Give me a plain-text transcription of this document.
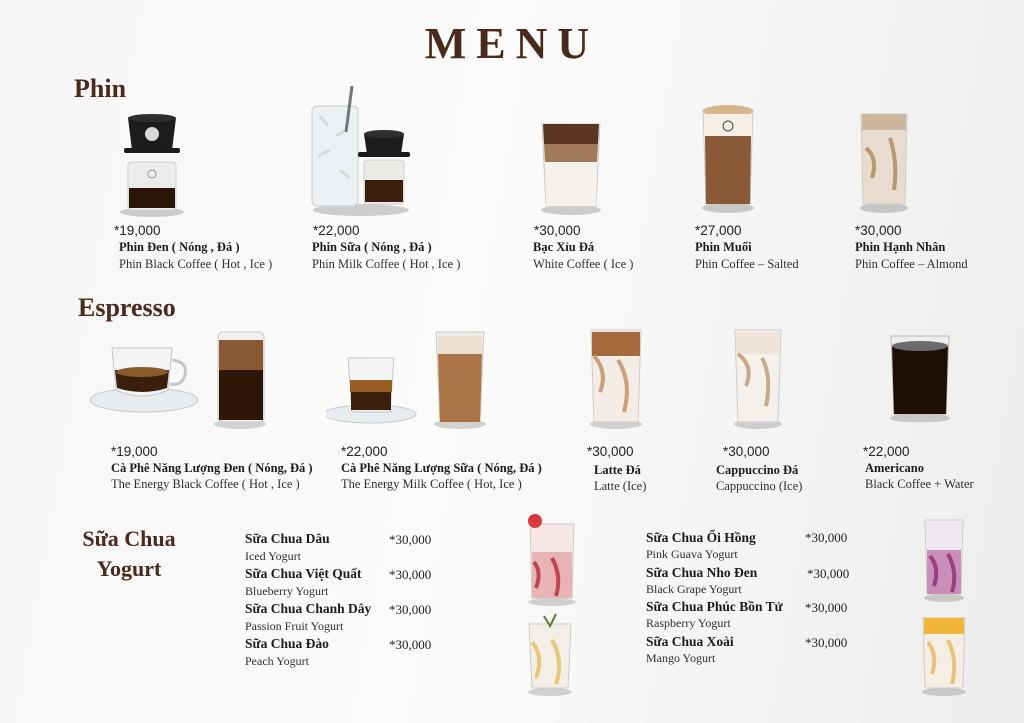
MENU
Phin
*19,000
Phin Đen ( Nóng , Đá )
Phin Black Coffee ( Hot , Ice )
*22,000
Phin Sữa ( Nóng , Đá )
Phin Milk Coffee ( Hot , Ice )
*30,000
Bạc Xỉu Đá
White Coffee ( Ice )
*27,000
Phin Muối
Phin Coffee – Salted
*30,000
Phin Hạnh Nhân
Phin Coffee – Almond
Espresso
*19,000
Cà Phê Năng Lượng Đen ( Nóng, Đá )
The Energy Black Coffee ( Hot , Ice )
*22,000
Cà Phê Năng Lượng Sữa ( Nóng, Đá )
The Energy Milk Coffee ( Hot, Ice )
*30,000
Latte Đá
Latte (Ice)
*30,000
Cappuccino Đá
Cappuccino (Ice)
*22,000
Americano
Black Coffee + Water
Sữa Chua
Yogurt
Sữa Chua Dâu
Iced Yogurt
*30,000
Sữa Chua Việt Quất
Blueberry Yogurt
*30,000
Sữa Chua Chanh Dây
Passion Fruit Yogurt
*30,000
Sữa Chua Đào
Peach Yogurt
*30,000
Sữa Chua Ổi Hồng
Pink Guava Yogurt
*30,000
Sữa Chua Nho Đen
Black Grape Yogurt
*30,000
Sữa Chua Phúc Bồn Tử
Raspberry Yogurt
*30,000
Sữa Chua Xoài
Mango Yogurt
*30,000
